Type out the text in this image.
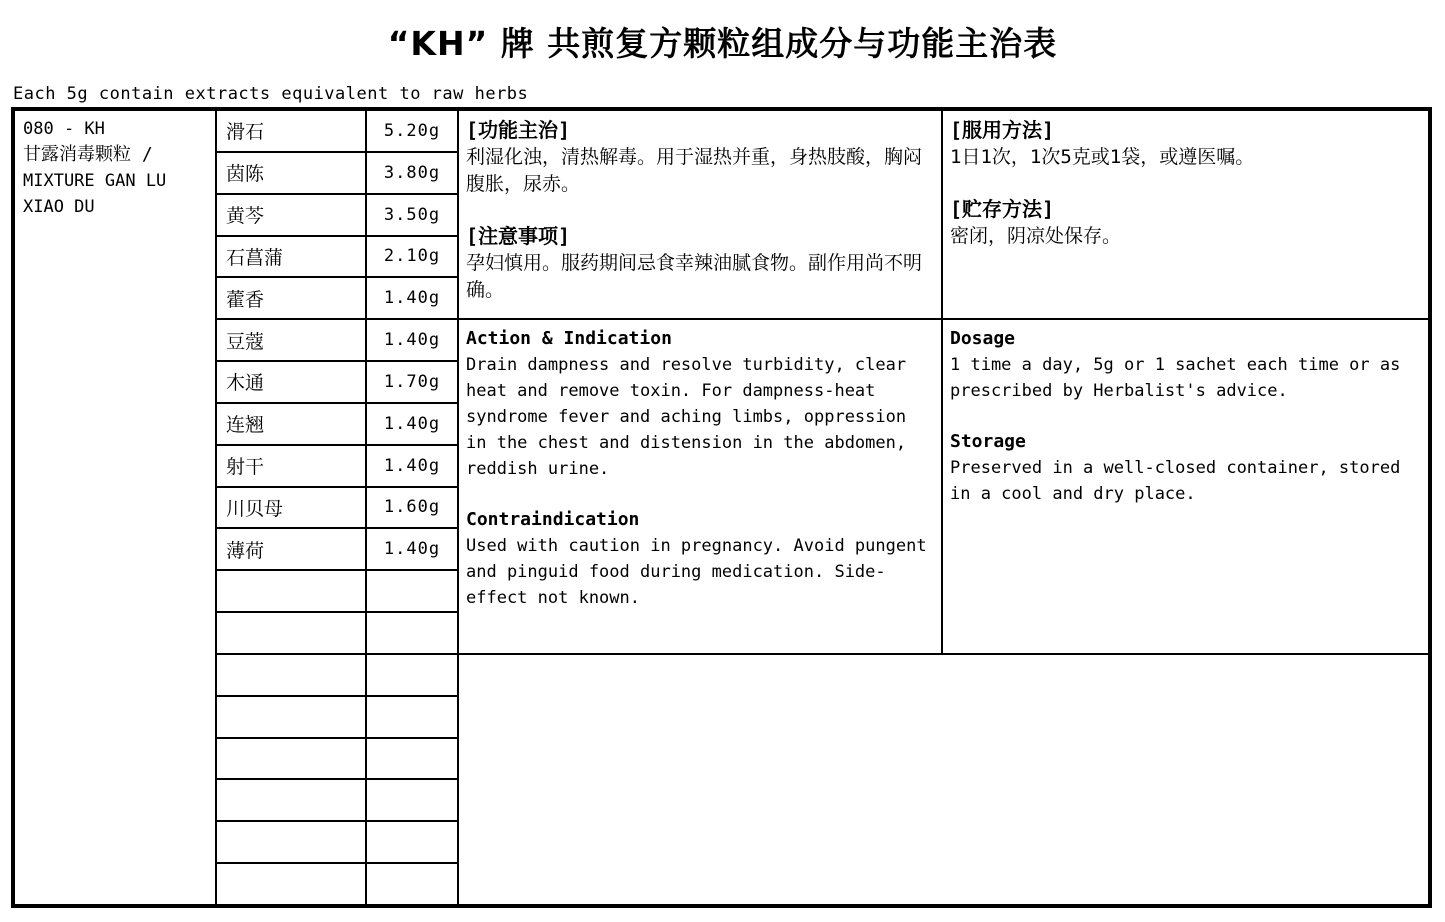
“KH” 牌 共煎复方颗粒组成分与功能主治表
Each 5g contain extracts equivalent to raw herbs
080 - KH
甘露消毒颗粒 /
MIXTURE GAN LU
XIAO DU
滑石	5.20g
茵陈	3.80g
黄芩	3.50g
石菖蒲	2.10g
藿香	1.40g
豆蔻	1.40g
木通	1.70g
连翘	1.40g
射干	1.40g
川贝母	1.60g
薄荷	1.40g
[功能主治]
利湿化浊，清热解毒。用于湿热并重，身热肢酸，胸闷腹胀，尿赤。
[注意事项]
孕妇慎用。服药期间忌食幸辣油腻食物。副作用尚不明确。
[服用方法]
1日1次，1次5克或1袋，或遵医嘱。
[贮存方法]
密闭，阴凉处保存。
Action & Indication
Drain dampness and resolve turbidity, clear heat and remove toxin. For dampness-heat syndrome fever and aching limbs, oppression in the chest and distension in the abdomen, reddish urine.
Contraindication
Used with caution in pregnancy. Avoid pungent and pinguid food during medication. Side-effect not known.
Dosage
1 time a day, 5g or 1 sachet each time or as prescribed by Herbalist's advice.
Storage
Preserved in a well-closed container, stored in a cool and dry place.
